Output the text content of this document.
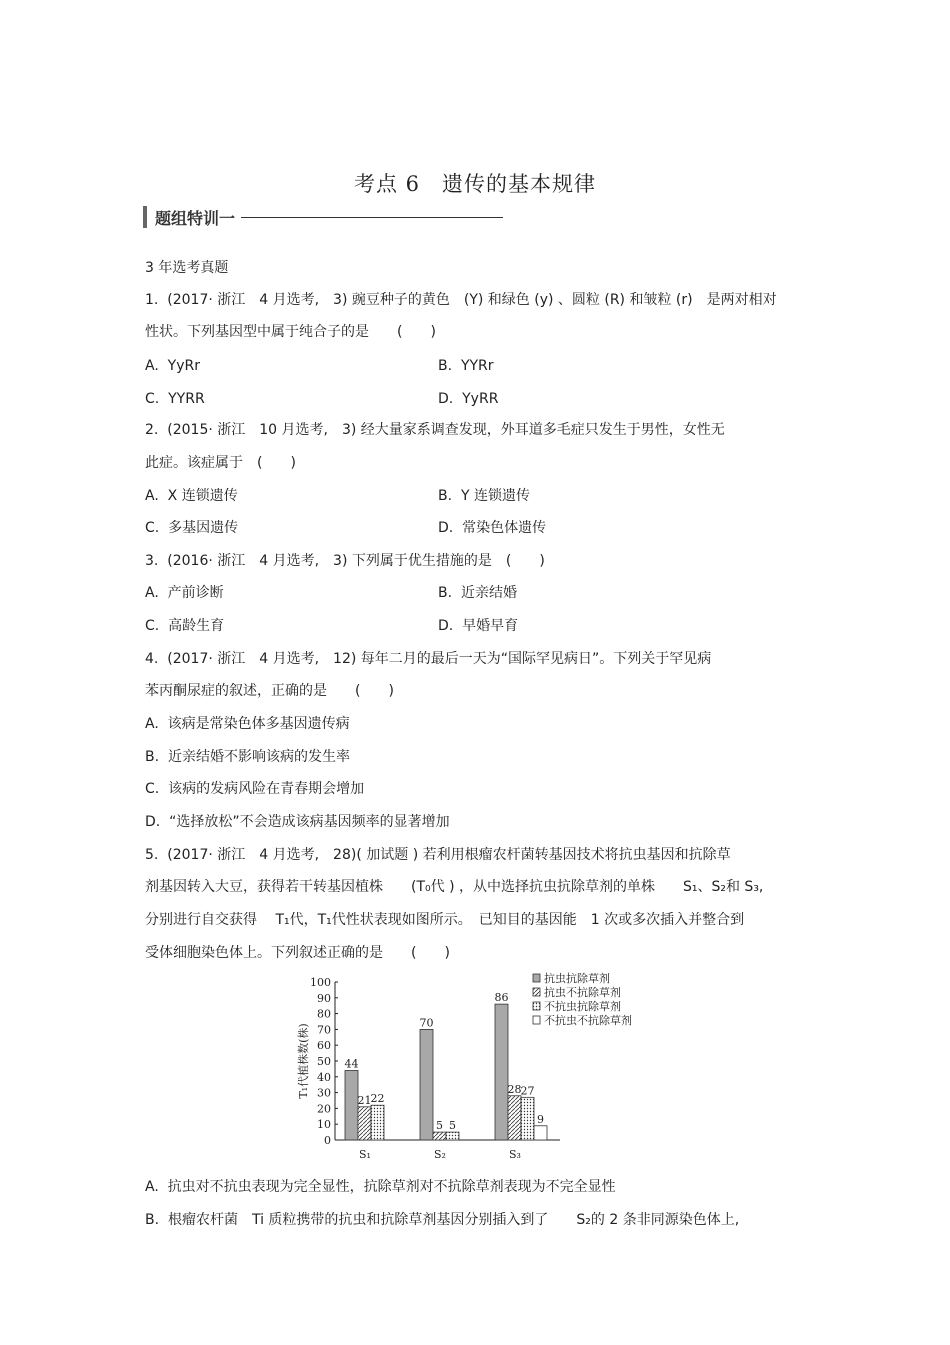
考点 6　遗传的基本规律
题组特训一
3 年选考真题
1.  (2017· 浙江　4 月选考,　3) 豌豆种子的黄色　(Y) 和绿色 (y) 、圆粒 (R) 和皱粒 (r)　是两对相对
性状。下列基因型中属于纯合子的是　　(　　)
A.  YyRr	B.  YYRr
C.  YYRR	D.  YyRR
2.  (2015· 浙江　10 月选考,　3) 经大量家系调查发现，外耳道多毛症只发生于男性，女性无
此症。该症属于　(　　)
A.  X 连锁遗传	B.  Y 连锁遗传
C.  多基因遗传	D.  常染色体遗传
3.  (2016· 浙江　4 月选考,　3) 下列属于优生措施的是　(　　)
A.  产前诊断	B.  近亲结婚
C.  高龄生育	D.  早婚早育
4.  (2017· 浙江　4 月选考,　12) 每年二月的最后一天为“国际罕见病日”。下列关于罕见病
苯丙酮尿症的叙述，正确的是　　(　　)
A.  该病是常染色体多基因遗传病
B.  近亲结婚不影响该病的发生率
C.  该病的发病风险在青春期会增加
D.  “选择放松”不会造成该病基因频率的显著增加
5.  (2017· 浙江　4 月选考,　28)( 加试题 ) 若利用根瘤农杆菌转基因技术将抗虫基因和抗除草
剂基因转入大豆，获得若干转基因植株　　(T₀代 ) ，从中选择抗虫抗除草剂的单株　　S₁、S₂和 S₃,
分别进行自交获得　 T₁代，T₁代性状表现如图所示。　已知目的基因能　1 次或多次插入并整合到
受体细胞染色体上。下列叙述正确的是　　(　　)
0
10
20
30
40
50
60
70
80
90
100
T₁代植株数(株)	44
21 22
S₁
70
5 5
S₂
86
28 27
9
S₃
抗虫抗除草剂
抗虫不抗除草剂
不抗虫抗除草剂
不抗虫不抗除草剂
A.  抗虫对不抗虫表现为完全显性，抗除草剂对不抗除草剂表现为不完全显性
B.  根瘤农杆菌　Ti 质粒携带的抗虫和抗除草剂基因分别插入到了　　S₂的 2 条非同源染色体上,
